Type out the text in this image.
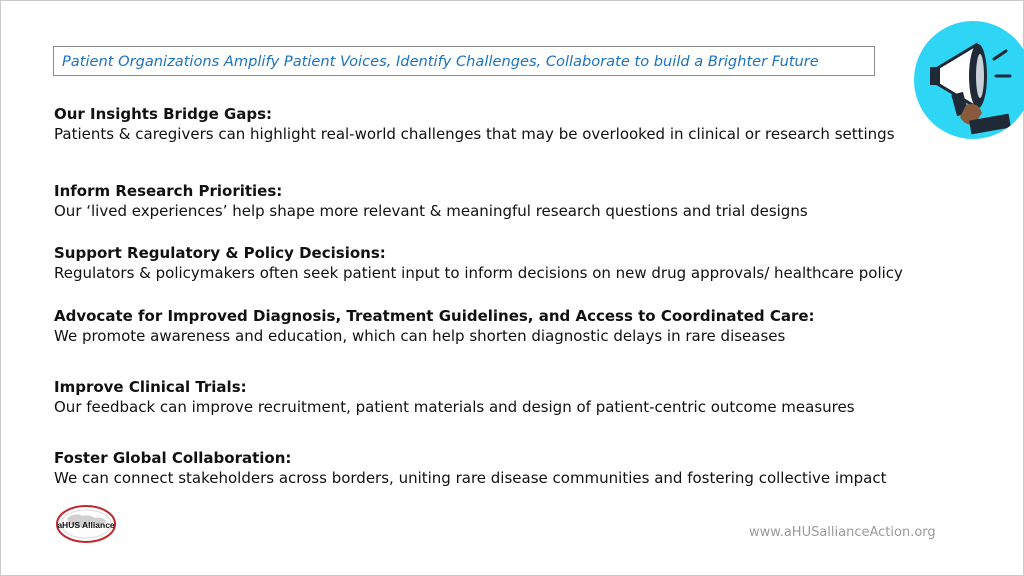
Patient Organizations Amplify Patient Voices, Identify Challenges, Collaborate to build a Brighter Future
Our Insights Bridge Gaps:
Patients & caregivers can highlight real-world challenges that may be overlooked in clinical or research settings
Inform Research Priorities:
Our ‘lived experiences’ help shape more relevant & meaningful research questions and trial designs
Support Regulatory & Policy Decisions:
Regulators & policymakers often seek patient input to inform decisions on new drug approvals/ healthcare policy
Advocate for Improved Diagnosis, Treatment Guidelines, and Access to Coordinated Care:
We promote awareness and education, which can help shorten diagnostic delays in rare diseases
Improve Clinical Trials:
Our feedback can improve recruitment, patient materials and design of patient-centric outcome measures
Foster Global Collaboration:
We can connect stakeholders across borders, uniting rare disease communities and fostering collective impact
aHUS Alliance	www.aHUSallianceAction.org
